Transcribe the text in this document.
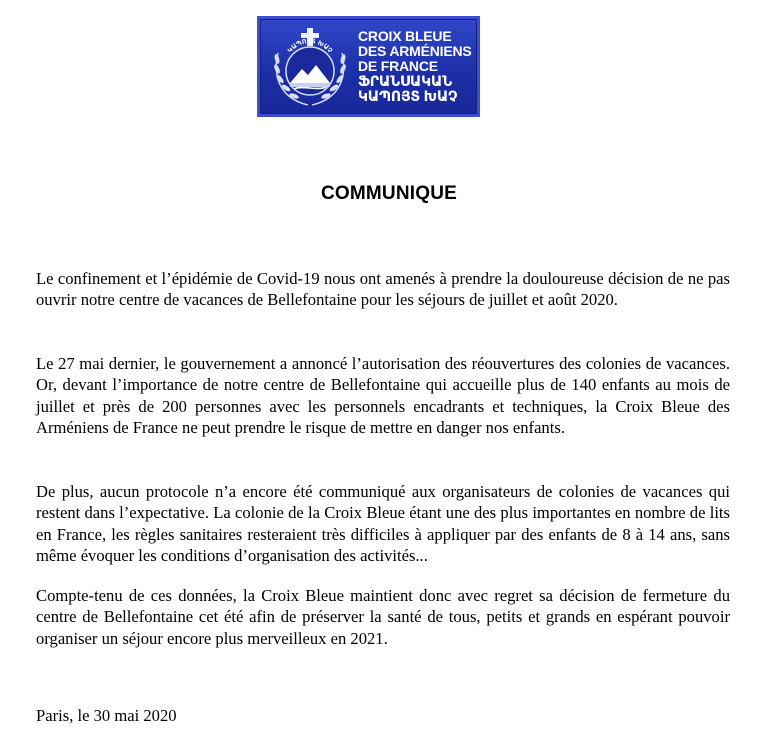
ԿԱՊՈՅՏ ԽԱՉ
CROIX BLEUE
DES ARMÉNIENS
DE FRANCE
ՖՐԱՆՍԱԿԱՆ
ԿԱՊՈՅՏ ԽԱՉ
COMMUNIQUE
Le confinement et l’épidémie de Covid-19 nous ont amenés à prendre la douloureuse décision de ne pas ouvrir notre centre de vacances de Bellefontaine pour les séjours de juillet et août 2020.
Le 27 mai dernier, le gouvernement a annoncé l’autorisation des réouvertures des colonies de vacances. Or, devant l’importance de notre centre de Bellefontaine qui accueille plus de 140 enfants au mois de juillet et près de 200 personnes avec les personnels encadrants et techniques, la Croix Bleue des Arméniens de France ne peut prendre le risque de mettre en danger nos enfants.
De plus, aucun protocole n’a encore été communiqué aux organisateurs de colonies de vacances qui restent dans l’expectative. La colonie de la Croix Bleue étant une des plus importantes en nombre de lits en France, les règles sanitaires resteraient très difficiles à appliquer par des enfants de 8 à 14 ans, sans même évoquer les conditions d’organisation des activités...
Compte-tenu de ces données, la Croix Bleue maintient donc avec regret sa décision de fermeture du centre de Bellefontaine cet été afin de préserver la santé de tous, petits et grands en espérant pouvoir organiser un séjour encore plus merveilleux en 2021.
Paris, le 30 mai 2020
